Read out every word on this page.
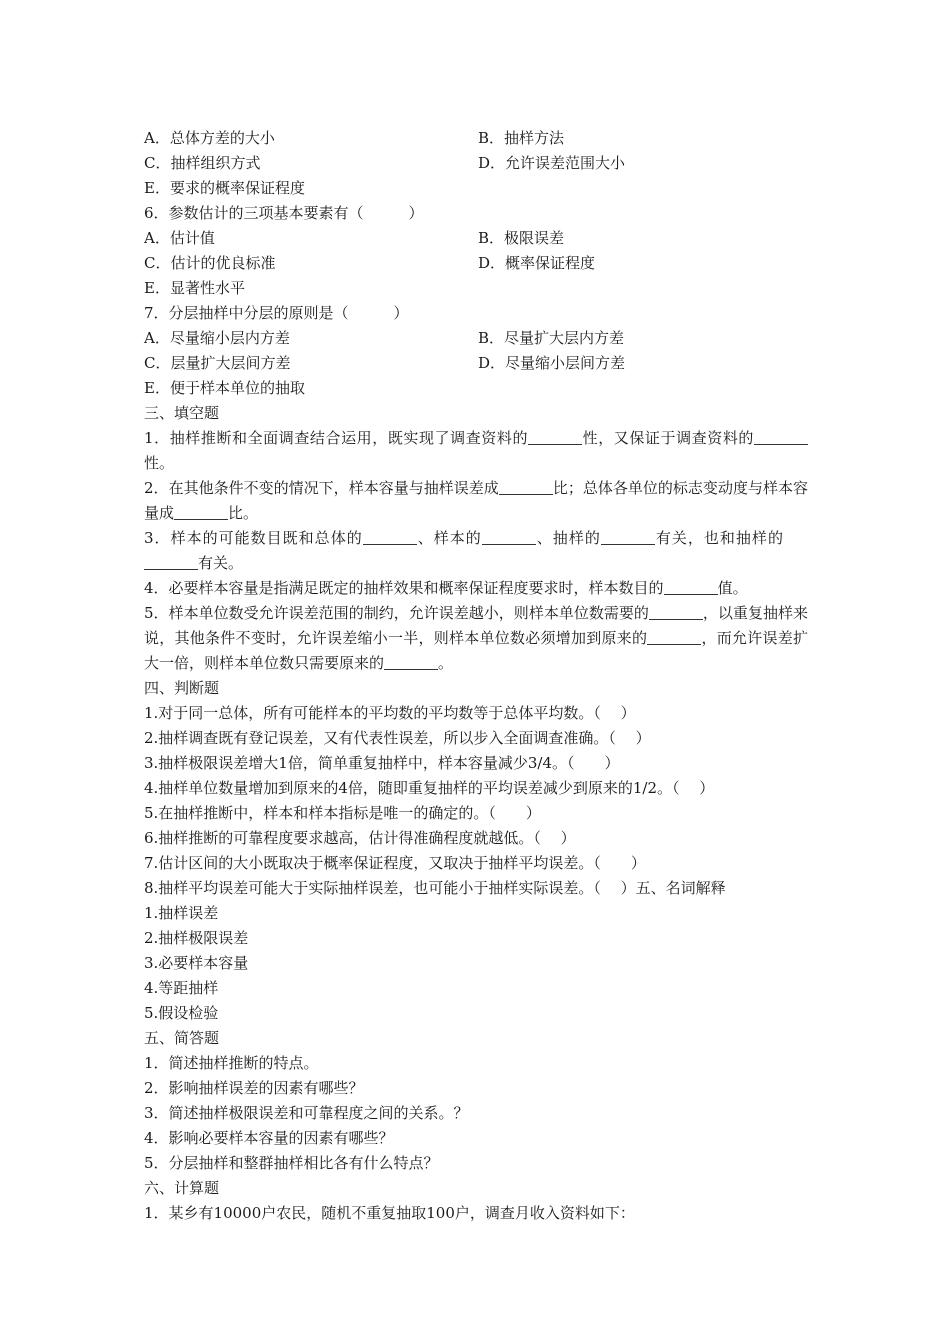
A．总体方差的大小	B．抽样方法
C．抽样组织方式	D．允许误差范围大小
E．要求的概率保证程度
6．参数估计的三项基本要素有（　　　）
A．估计值	B．极限误差
C．估计的优良标准	D．概率保证程度
E．显著性水平
7．分层抽样中分层的原则是（　　　）
A．尽量缩小层内方差	B．尽量扩大层内方差
C．层量扩大层间方差	D．尽量缩小层间方差
E．便于样本单位的抽取
三、填空题
1．抽样推断和全面调查结合运用，既实现了调查资料的	性，又保证于调查资料的性。
2．在其他条件不变的情况下，样本容量与抽样误差成	比；总体各单位的标志变动度与样本容量成	比。
3．样本的可能数目既和总体的	、样本的	、抽样的	有关，也和抽样的有关。
4．必要样本容量是指满足既定的抽样效果和概率保证程度要求时，样本数目的	值。
5．样本单位数受允许误差范围的制约，允许误差越小，则样本单位数需要的	，以重复抽样来说，其他条件不变时，允许误差缩小一半，则样本单位数必须增加到原来的	，而允许误差扩大一倍，则样本单位数只需要原来的	。
四、判断题
1.对于同一总体，所有可能样本的平均数的平均数等于总体平均数。（　 ）
2.抽样调查既有登记误差，又有代表性误差，所以步入全面调查准确。（　 ）
3.抽样极限误差增大1倍，简单重复抽样中，样本容量减少3/4。（　　）
4.抽样单位数量增加到原来的4倍，随即重复抽样的平均误差减少到原来的1/2。（　 ）
5.在抽样推断中，样本和样本指标是唯一的确定的。（　　）
6.抽样推断的可靠程度要求越高，估计得准确程度就越低。（　 ）
7.估计区间的大小既取决于概率保证程度，又取决于抽样平均误差。（　　）
8.抽样平均误差可能大于实际抽样误差，也可能小于抽样实际误差。（　 ）五、名词解释
1.抽样误差
2.抽样极限误差
3.必要样本容量
4.等距抽样
5.假设检验
五、简答题
1．简述抽样推断的特点。
2．影响抽样误差的因素有哪些？
3．简述抽样极限误差和可靠程度之间的关系。？
4．影响必要样本容量的因素有哪些？
5．分层抽样和整群抽样相比各有什么特点？
六、计算题
1．某乡有10000户农民，随机不重复抽取100户，调查月收入资料如下：
